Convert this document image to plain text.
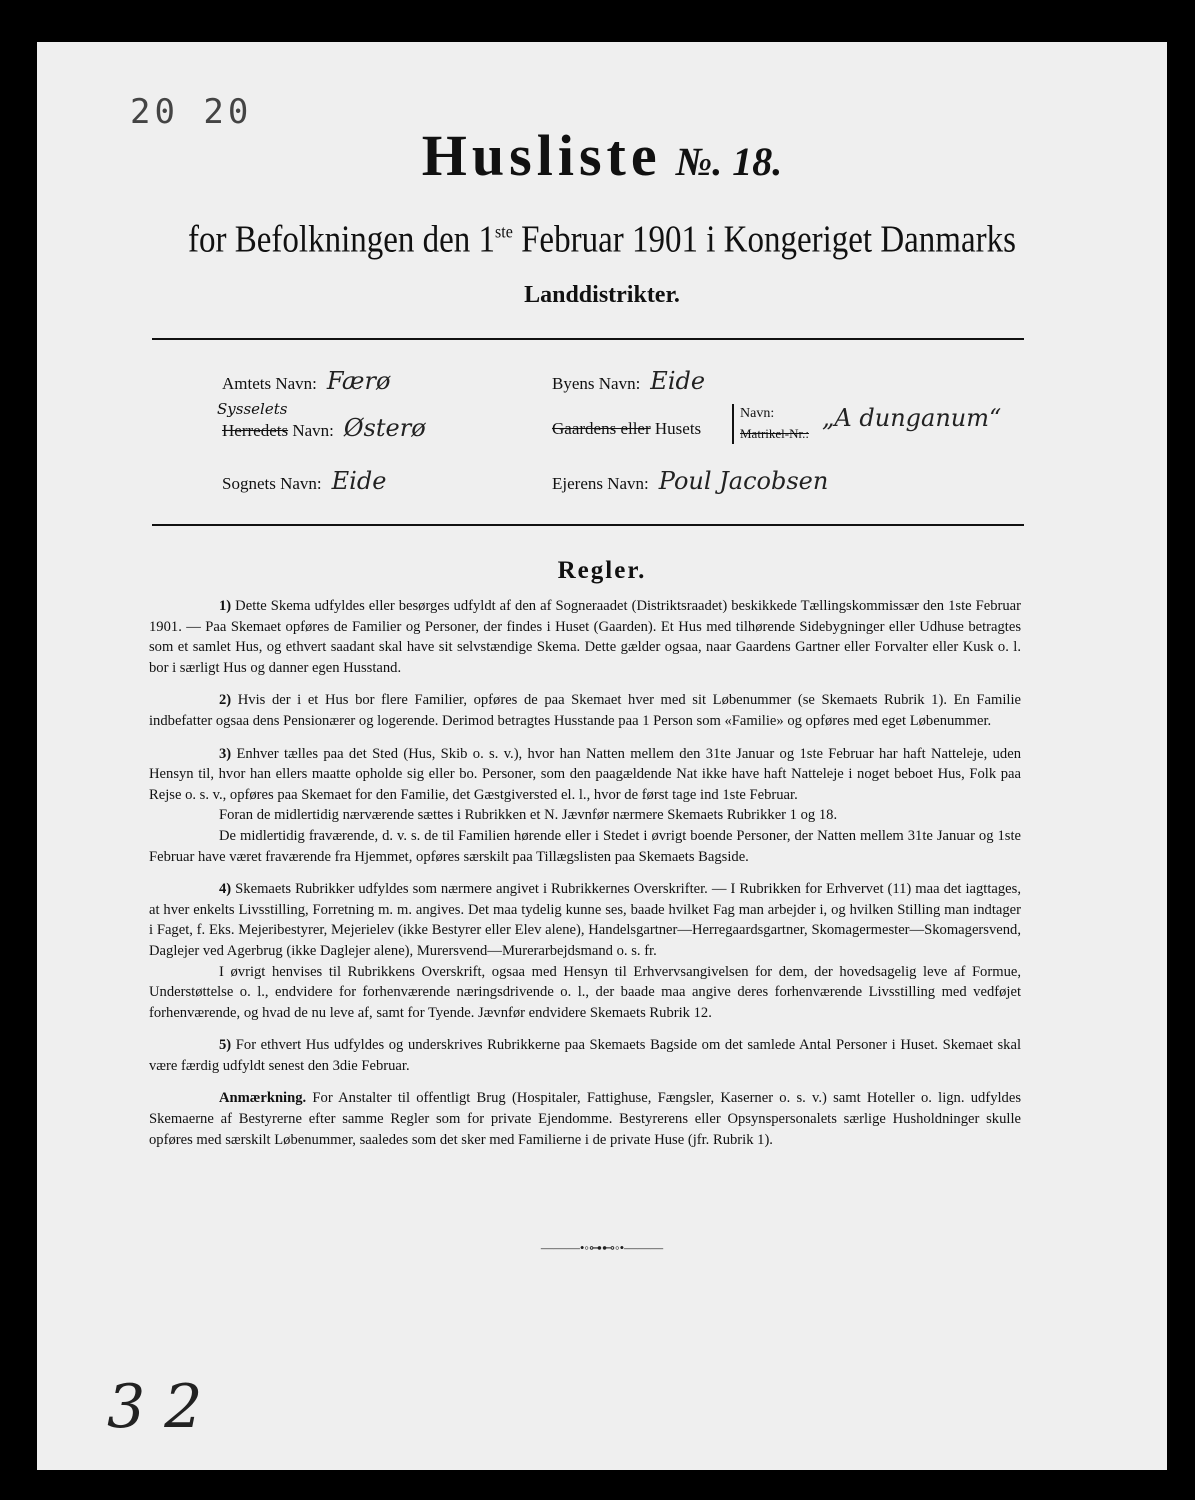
20 20
Husliste №. 18.
for Befolkningen den 1ste Februar 1901 i Kongeriget Danmarks
Landdistrikter.
Amtets Navn: Færø
Sysselets
Herredets Navn: Østerø
Sognets Navn: Eide
Byens Navn: Eide
Gaardens eller Husets
Navn:
Matrikel-Nr.:
„A dunganum“
Ejerens Navn: Poul Jacobsen
Regler.

1) Dette Skema udfyldes eller besørges udfyldt af den af Sogneraadet (Distriktsraadet) beskikkede Tællingskommissær den 1ste Februar 1901. — Paa Skemaet opføres de Familier og Personer, der findes i Huset (Gaarden). Et Hus med tilhørende Sidebygninger eller Udhuse betragtes som et samlet Hus, og ethvert saadant skal have sit selvstændige Skema. Dette gælder ogsaa, naar Gaardens Gartner eller Forvalter eller Kusk o. l. bor i særligt Hus og danner egen Husstand.

2) Hvis der i et Hus bor flere Familier, opføres de paa Skemaet hver med sit Løbenummer (se Skemaets Rubrik 1). En Familie indbefatter ogsaa dens Pensionærer og logerende. Derimod betragtes Husstande paa 1 Person som «Familie» og opføres med eget Løbenummer.

3) Enhver tælles paa det Sted (Hus, Skib o. s. v.), hvor han Natten mellem den 31te Januar og 1ste Februar har haft Natteleje, uden Hensyn til, hvor han ellers maatte opholde sig eller bo. Personer, som den paagældende Nat ikke have haft Natteleje i noget beboet Hus, Folk paa Rejse o. s. v., opføres paa Skemaet for den Familie, det Gæstgiversted el. l., hvor de først tage ind 1ste Februar.

Foran de midlertidig nærværende sættes i Rubrikken et N. Jævnfør nærmere Skemaets Rubrikker 1 og 18.

De midlertidig fraværende, d. v. s. de til Familien hørende eller i Stedet i øvrigt boende Personer, der Natten mellem 31te Januar og 1ste Februar have været fraværende fra Hjemmet, opføres særskilt paa Tillægslisten paa Skemaets Bagside.

4) Skemaets Rubrikker udfyldes som nærmere angivet i Rubrikkernes Overskrifter. — I Rubrikken for Erhvervet (11) maa det iagttages, at hver enkelts Livsstilling, Forretning m. m. angives. Det maa tydelig kunne ses, baade hvilket Fag man arbejder i, og hvilken Stilling man indtager i Faget, f. Eks. Mejeribestyrer, Mejerielev (ikke Bestyrer eller Elev alene), Handelsgartner—Herregaardsgartner, Skomagermester—Skomagersvend, Daglejer ved Agerbrug (ikke Daglejer alene), Murersvend—Murerarbejdsmand o. s. fr.

I øvrigt henvises til Rubrikkens Overskrift, ogsaa med Hensyn til Erhvervsangivelsen for dem, der hovedsagelig leve af Formue, Understøttelse o. l., endvidere for forhenværende næringsdrivende o. l., der baade maa angive deres forhenværende Livsstilling med vedføjet forhenværende, og hvad de nu leve af, samt for Tyende. Jævnfør endvidere Skemaets Rubrik 12.

5) For ethvert Hus udfyldes og underskrives Rubrikkerne paa Skemaets Bagside om det samlede Antal Personer i Huset. Skemaet skal være færdig udfyldt senest den 3die Februar.

Anmærkning. For Anstalter til offentligt Brug (Hospitaler, Fattighuse, Fængsler, Kaserner o. s. v.) samt Hoteller o. lign. udfyldes Skemaerne af Bestyrerne efter samme Regler som for private Ejendomme. Bestyrerens eller Opsynspersonalets særlige Husholdninger skulle opføres med særskilt Løbenummer, saaledes som det sker med Familierne i de private Huse (jfr. Rubrik 1).

———•◦⊶⊷◦•———
3 2
